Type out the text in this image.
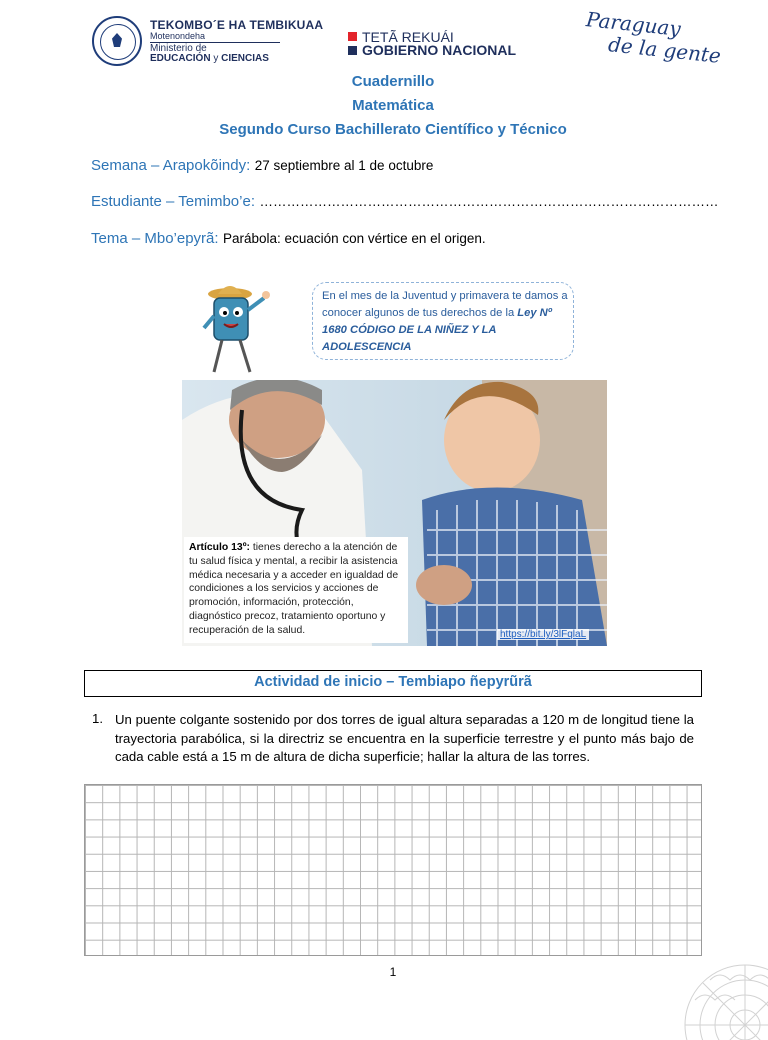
TEKOMBO´E HA TEMBIKUAA
Motenondeha
Ministerio de
EDUCACIÓN y CIENCIAS
TETÃ REKUÁI
GOBIERNO NACIONAL
Paraguay
de la gente
Cuadernillo
Matemática
Segundo Curso Bachillerato Científico y Técnico
Semana – Arapokõindy: 27 septiembre al 1 de octubre
Estudiante – Temimbo’e: …………………………………………………………………………………………
Tema – Mbo’epyrã: Parábola: ecuación con vértice en el origen.
En el mes de la Juventud y primavera te damos a conocer algunos de tus derechos de la Ley Nº 1680 CÓDIGO DE LA NIÑEZ Y LA ADOLESCENCIA
Artículo 13º: tienes derecho a la atención de tu salud física y mental, a recibir la asistencia médica necesaria y a acceder en igualdad de condiciones a los servicios y acciones de promoción, información, protección, diagnóstico precoz, tratamiento oportuno y recuperación de la salud.	https://bit.ly/3lFqlaL
Actividad de inicio – Tembiapo ñepyrũrã
1. Un puente colgante sostenido por dos torres de igual altura separadas a 120 m de longitud tiene la trayectoria parabólica, si la directriz se encuentra en la superficie terrestre y el punto más bajo de cada cable está a 15 m de altura de dicha superficie; hallar la altura de las torres.
1
